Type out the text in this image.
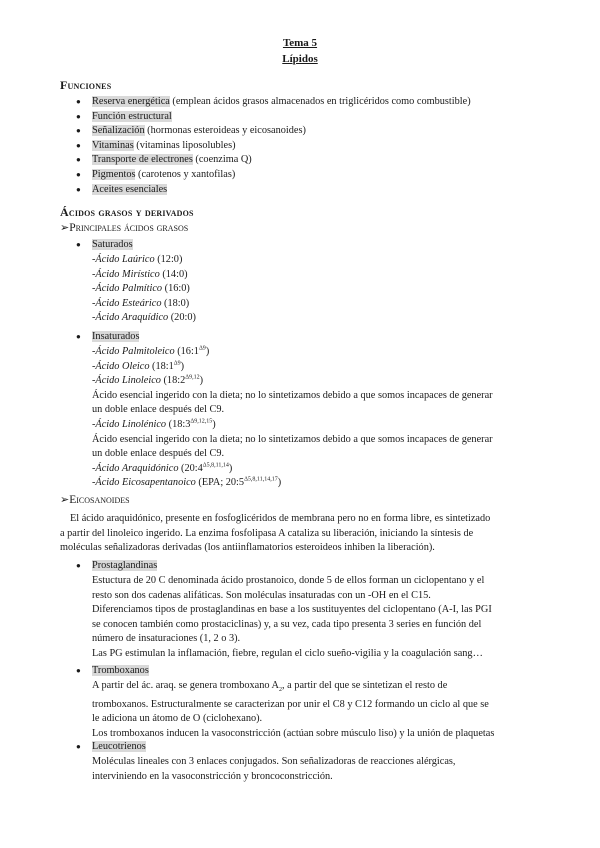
Tema 5
Lípidos
Funciones
● Reserva energética (emplean ácidos grasos almacenados en triglicéridos como combustible)
● Función estructural
● Señalización (hormonas esteroideas y eicosanoides)
● Vitaminas (vitaminas liposolubles)
● Transporte de electrones (coenzima Q)
● Pigmentos (carotenos y xantofilas)
● Aceites esenciales
Ácidos grasos y derivados
➢Principales ácidos grasos
● Saturados
-Ácido Laúrico (12:0)
-Ácido Mirístico (14:0)
-Ácido Palmítico (16:0)
-Ácido Esteárico (18:0)
-Ácido Araquídico (20:0)
● Insaturados
-Ácido Palmitoleico $(16:1^{\Delta 9})$
-Ácido Oleico $(18:1^{\Delta 9})$
-Ácido Linoleico $(18:2^{\Delta 9,12})$
Ácido esencial ingerido con la dieta; no lo sintetizamos debido a que somos incapaces de generar
un doble enlace después del C9.
-Ácido Linolénico $(18:3^{\Delta 9,12,15})$
Ácido esencial ingerido con la dieta; no lo sintetizamos debido a que somos incapaces de generar
un doble enlace después del C9.
-Ácido Araquidónico $(20:4^{\Delta 5,8,11,14})$
-Ácido Eicosapentanoico (EPA; $20:5^{\Delta 5,8,11,14,17}$)
➢Eicosanoides
El ácido araquidónico, presente en fosfoglicéridos de membrana pero no en forma libre, es sintetizado
a partir del linoleico ingerido. La enzima fosfolipasa A cataliza su liberación, iniciando la síntesis de
moléculas señalizadoras derivadas (los antiinflamatorios esteroideos inhiben la liberación).
● Prostaglandinas
Estuctura de 20 C denominada ácido prostanoico, donde 5 de ellos forman un ciclopentano y el
resto son dos cadenas alifáticas. Son moléculas insaturadas con un -OH en el C15.
Diferenciamos tipos de prostaglandinas en base a los sustituyentes del ciclopentano (A-I, las PGI
se conocen también como prostaciclinas) y, a su vez, cada tipo presenta 3 series en función del
número de insaturaciones (1, 2 o 3).
Las PG estimulan la inflamación, fiebre, regulan el ciclo sueño-vigilia y la coagulación sang…
● Tromboxanos
A partir del ác. araq. se genera tromboxano $A_2$, a partir del que se sintetizan el resto de
tromboxanos. Estructuralmente se caracterizan por unir el C8 y C12 formando un ciclo al que se
le adiciona un átomo de O (ciclohexano).
Los tromboxanos inducen la vasoconstricción (actúan sobre músculo liso) y la unión de plaquetas
● Leucotrienos
Moléculas lineales con 3 enlaces conjugados. Son señalizadoras de reacciones alérgicas,
interviniendo en la vasoconstricción y broncoconstricción.
